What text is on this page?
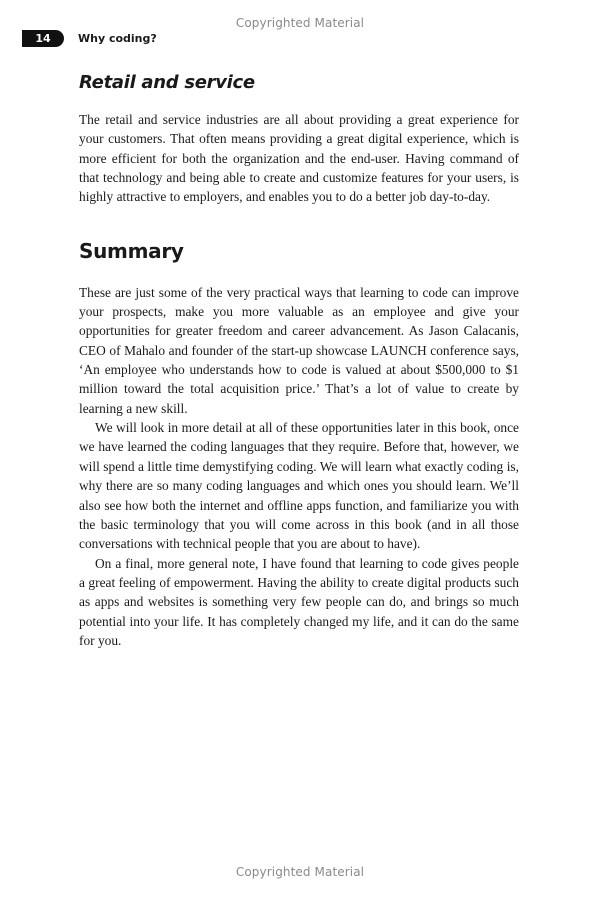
Copyrighted Material
14	Why coding?
Retail and service

The retail and service industries are all about providing a great experience for your customers. That often means providing a great digital experience, which is more efficient for both the organization and the end-user. Having command of that technology and being able to create and customize features for your users, is highly attractive to employers, and enables you to do a better job day-to-day.

Summary

These are just some of the very practical ways that learning to code can improve your prospects, make you more valuable as an employee and give your opportunities for greater freedom and career advancement. As Jason Calacanis, CEO of Mahalo and founder of the start-up showcase LAUNCH conference says, ‘An employee who understands how to code is valued at about $500,000 to $1 million toward the total acquisition price.’ That’s a lot of value to create by learning a new skill.

We will look in more detail at all of these opportunities later in this book, once we have learned the coding languages that they require. Before that, however, we will spend a little time demystifying coding. We will learn what exactly coding is, why there are so many coding languages and which ones you should learn. We’ll also see how both the internet and offline apps function, and familiarize you with the basic terminology that you will come across in this book (and in all those conversations with technical people that you are about to have).

On a final, more general note, I have found that learning to code gives people a great feeling of empowerment. Having the ability to create digital products such as apps and websites is something very few people can do, and brings so much potential into your life. It has completely changed my life, and it can do the same for you.

Copyrighted Material
